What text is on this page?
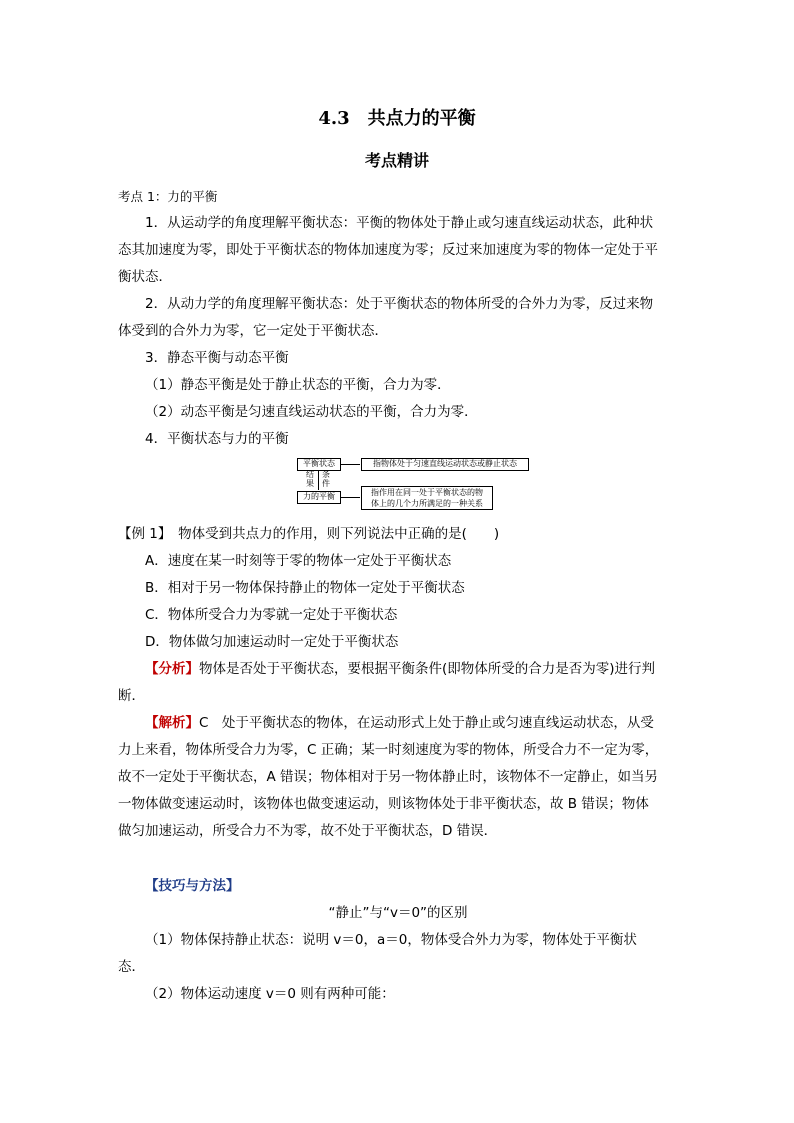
4.3　共点力的平衡
考点精讲
考点 1：力的平衡
1．从运动学的角度理解平衡状态：平衡的物体处于静止或匀速直线运动状态，此种状
态其加速度为零，即处于平衡状态的物体加速度为零；反过来加速度为零的物体一定处于平
衡状态．
2．从动力学的角度理解平衡状态：处于平衡状态的物体所受的合外力为零，反过来物
体受到的合外力为零，它一定处于平衡状态．
3．静态平衡与动态平衡
（1）静态平衡是处于静止状态的平衡，合力为零．
（2）动态平衡是匀速直线运动状态的平衡，合力为零．
4．平衡状态与力的平衡
平衡状态	指物体处于匀速直线运动状态或静止状态
结果
条件
力的平衡	指作用在同一处于平衡状态的物
体上的几个力所满足的一种关系
【例 1】　物体受到共点力的作用，则下列说法中正确的是(　　)
A．速度在某一时刻等于零的物体一定处于平衡状态
B．相对于另一物体保持静止的物体一定处于平衡状态
C．物体所受合力为零就一定处于平衡状态
D．物体做匀加速运动时一定处于平衡状态
【分析】物体是否处于平衡状态，要根据平衡条件(即物体所受的合力是否为零)进行判
断．
【解析】C　处于平衡状态的物体，在运动形式上处于静止或匀速直线运动状态，从受
力上来看，物体所受合力为零，C 正确；某一时刻速度为零的物体，所受合力不一定为零，
故不一定处于平衡状态，A 错误；物体相对于另一物体静止时，该物体不一定静止，如当另
一物体做变速运动时，该物体也做变速运动，则该物体处于非平衡状态，故 B 错误；物体
做匀加速运动，所受合力不为零，故不处于平衡状态，D 错误．
【技巧与方法】
“静止”与“v＝0”的区别
（1）物体保持静止状态：说明 v＝0，a＝0，物体受合外力为零，物体处于平衡状
态．
（2）物体运动速度 v＝0 则有两种可能：
